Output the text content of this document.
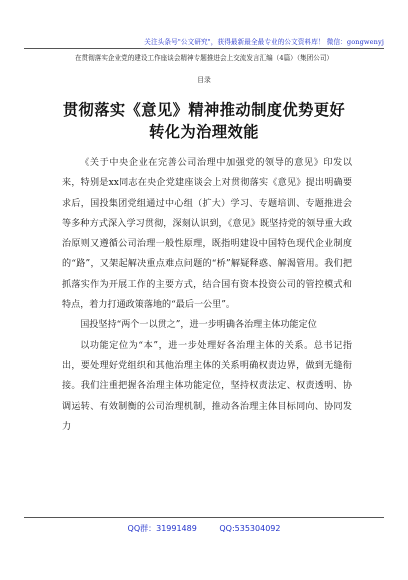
关注头条号"公文研究"，获得最新最全最专业的公文资料库！ 微信：gongwenyj
在贯彻落实企业党的建设工作座谈会精神专题推进会上交流发言汇编（4篇）（集团公司）
目录
贯彻落实《意见》精神推动制度优势更好
转化为治理效能

《关于中央企业在完善公司治理中加强党的领导的意见》印发以来，特别是xx同志在央企党建座谈会上对贯彻落实《意见》提出明确要求后，国投集团党组通过中心组（扩大）学习、专题培训、专题推进会等多种方式深入学习贯彻，深刻认识到，《意见》既坚持党的领导重大政治原则又遵循公司治理一般性原理，既指明建设中国特色现代企业制度的“路”，又架起解决重点难点问题的“桥”解疑释惑、解渴管用。我们把抓落实作为开展工作的主要方式，结合国有资本投资公司的管控模式和特点，着力打通政策落地的“最后一公里”。

国投坚持“两个一以贯之”，进一步明确各治理主体功能定位

以功能定位为“本”，进一步处理好各治理主体的关系。总书记指出，要处理好党组织和其他治理主体的关系明确权责边界，做到无缝衔接。我们注重把握各治理主体功能定位，坚持权责法定、权责透明、协调运转、有效制衡的公司治理机制，推动各治理主体目标同向、协同发力

QQ群：31991489	QQ:535304092
